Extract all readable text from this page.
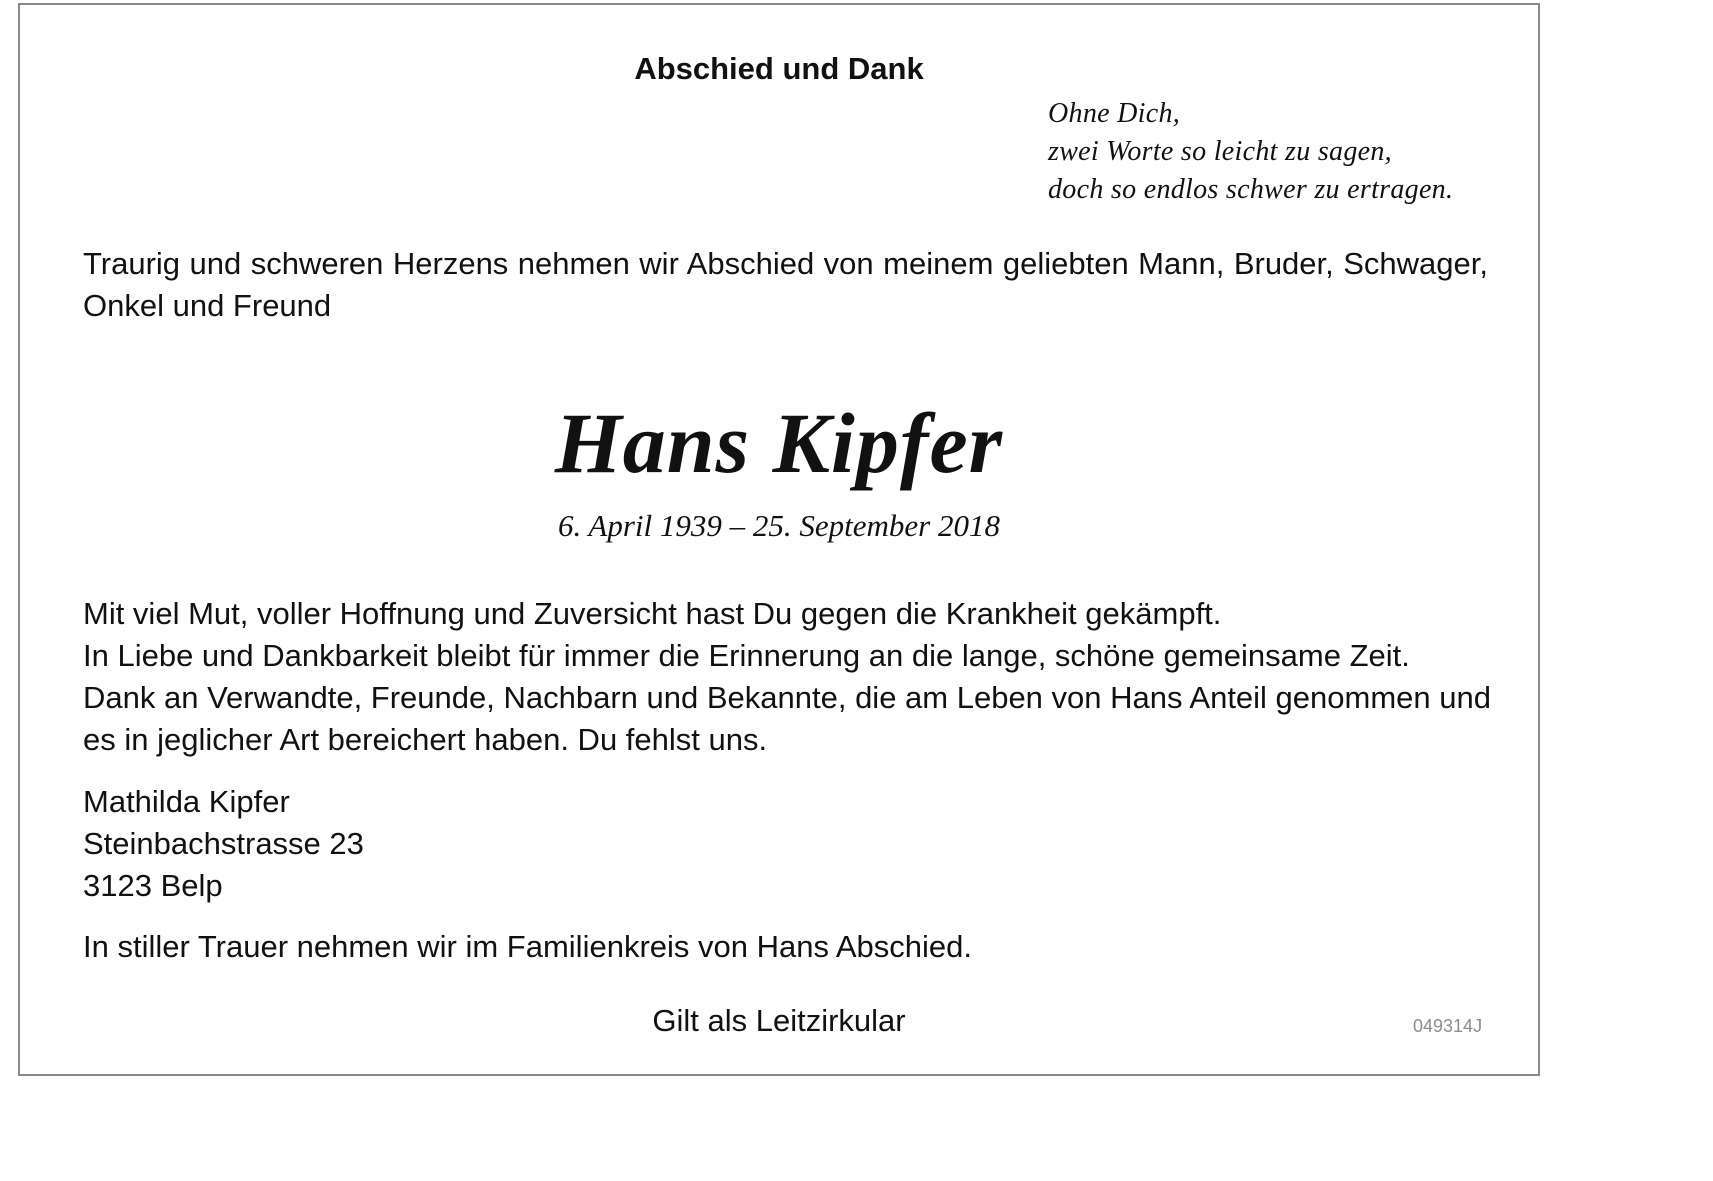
Abschied und Dank
Ohne Dich,
zwei Worte so leicht zu sagen,
doch so endlos schwer zu ertragen.
Traurig und schweren Herzens nehmen wir Abschied von meinem geliebten Mann, Bruder, Schwager, Onkel und Freund
Hans Kipfer
6. April 1939 – 25. September 2018
Mit viel Mut, voller Hoffnung und Zuversicht hast Du gegen die Krankheit gekämpft.
In Liebe und Dankbarkeit bleibt für immer die Erinnerung an die lange, schöne gemeinsame Zeit.
Dank an Verwandte, Freunde, Nachbarn und Bekannte, die am Leben von Hans Anteil genommen und es in jeglicher Art bereichert haben. Du fehlst uns.
Mathilda Kipfer
Steinbachstrasse 23
3123 Belp
In stiller Trauer nehmen wir im Familienkreis von Hans Abschied.
Gilt als Leitzirkular	049314J
